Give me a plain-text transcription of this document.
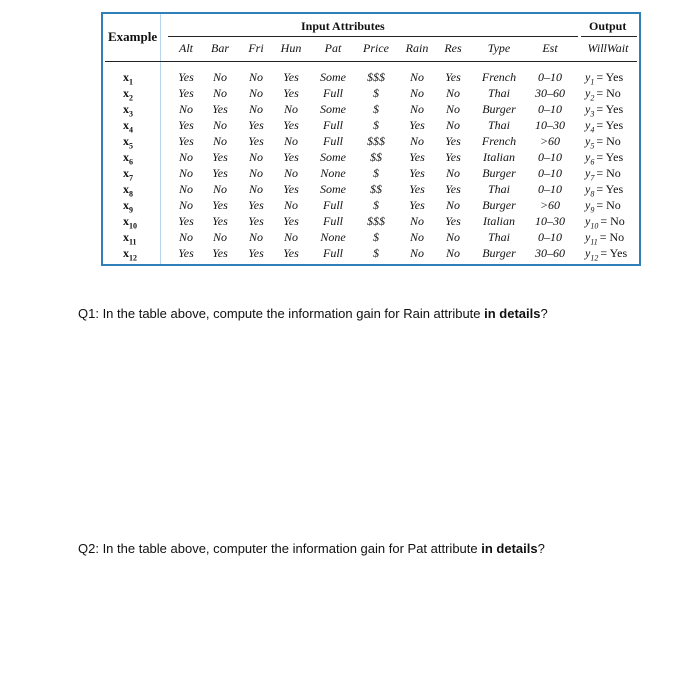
Example
Input Attributes	Output
Alt	Bar	Fri	Hun	Pat	Price	Rain	Res	Type	Est	WillWait
$x_1$	Yes	No	No	Yes	Some	$$$	No	Yes	French	0–10	$y_1$ = Yes
$x_2$	Yes	No	No	Yes	Full	$	No	No	Thai	30–60	$y_2 = No$
$x_3$	No	Yes	No	No	Some	$	No	No	Burger	0–10	$y_3$ = Yes
$x_4$	Yes	No	Yes	Yes	Full	$	Yes	No	Thai	10–30	$y_4$ = Yes
$x_5$	Yes	No	Yes	No	Full	$$$	No	Yes	French	>60	$y_5 = No$
$x_6$	No	Yes	No	Yes	Some	$$	Yes	Yes	Italian	0–10	$y_6$ = Yes
$x_7$	No	Yes	No	No	None	$	Yes	No	Burger	0–10	$y_7 = No$
$x_8$	No	No	No	Yes	Some	$$	Yes	Yes	Thai	0–10	$y_8$ = Yes
$x_9$	No	Yes	Yes	No	Full	$	Yes	No	Burger	>60	$y_9 = No$
$x_{10}$	Yes	Yes	Yes	Yes	Full	$$$	No	Yes	Italian	10–30	$y_{10} = No$
$x_{11}$	No	No	No	No	None	$	No	No	Thai	0–10	$y_{11} = No$
$x_{12}$	Yes	Yes	Yes	Yes	Full	$	No	No	Burger	30–60	$y_{12}$ = Yes
Q1: In the table above, compute the information gain for Rain attribute in details?
Q2: In the table above, computer the information gain for Pat attribute in details?
